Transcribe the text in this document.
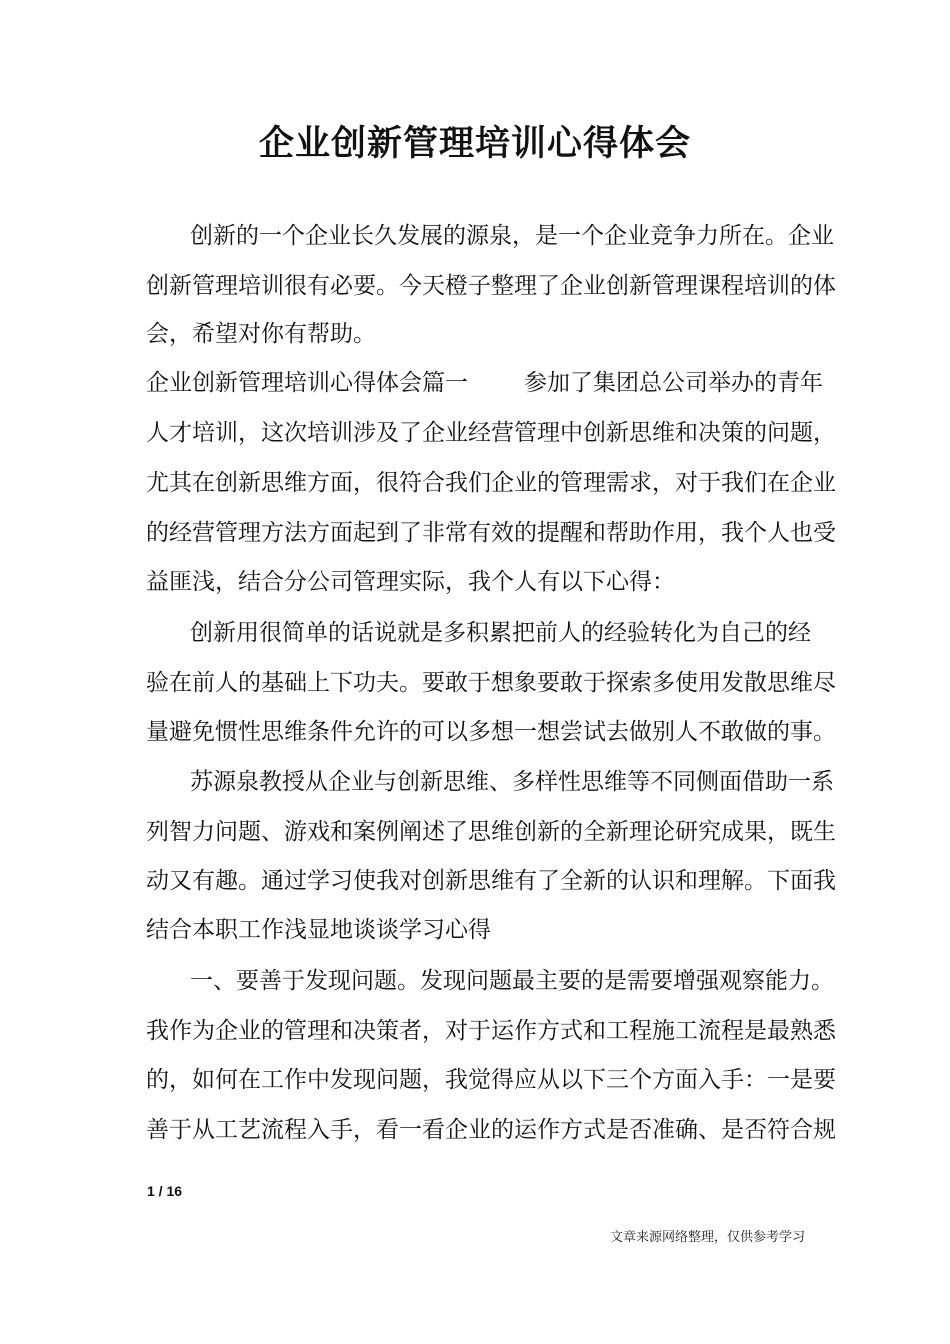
企业创新管理培训心得体会
创新的一个企业长久发展的源泉，是一个企业竞争力所在。企业
创新管理培训很有必要。今天橙子整理了企业创新管理课程培训的体
会，希望对你有帮助。
企业创新管理培训心得体会篇一 参加了集团总公司举办的青年
人才培训，这次培训涉及了企业经营管理中创新思维和决策的问题，
尤其在创新思维方面，很符合我们企业的管理需求，对于我们在企业
的经营管理方法方面起到了非常有效的提醒和帮助作用，我个人也受
益匪浅，结合分公司管理实际，我个人有以下心得：
创新用很简单的话说就是多积累把前人的经验转化为自己的经
验在前人的基础上下功夫。要敢于想象要敢于探索多使用发散思维尽
量避免惯性思维条件允许的可以多想一想尝试去做别人不敢做的事。
苏源泉教授从企业与创新思维、多样性思维等不同侧面借助一系
列智力问题、游戏和案例阐述了思维创新的全新理论研究成果，既生
动又有趣。通过学习使我对创新思维有了全新的认识和理解。下面我
结合本职工作浅显地谈谈学习心得
一、要善于发现问题。发现问题最主要的是需要增强观察能力。
我作为企业的管理和决策者，对于运作方式和工程施工流程是最熟悉
的，如何在工作中发现问题，我觉得应从以下三个方面入手：一是要
善于从工艺流程入手，看一看企业的运作方式是否准确、是否符合规
1 / 16
文章来源网络整理，仅供参考学习
